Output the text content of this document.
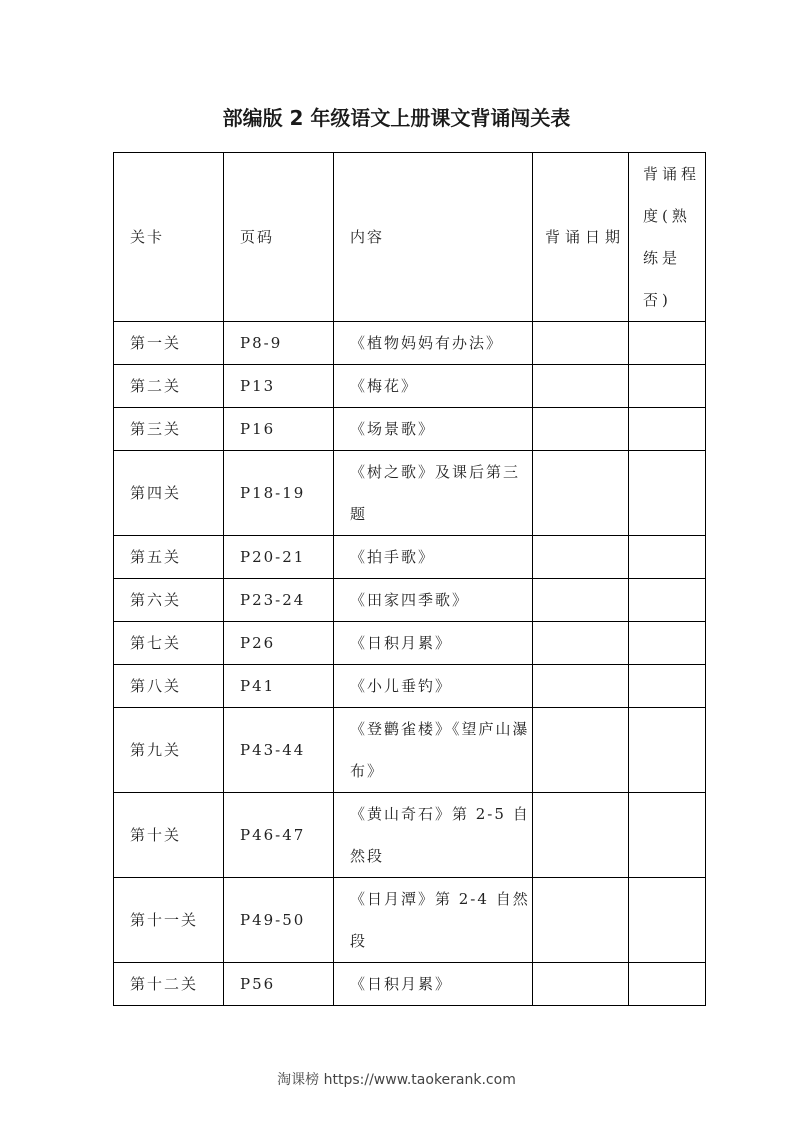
部编版 2 年级语文上册课文背诵闯关表
关卡	页码	内容	背诵日期	背诵程度(熟练是否)
第一关	P8-9	《植物妈妈有办法》		
第二关	P13	《梅花》		
第三关	P16	《场景歌》		
第四关	P18-19	《树之歌》及课后第三题		
第五关	P20-21	《拍手歌》		
第六关	P23-24	《田家四季歌》		
第七关	P26	《日积月累》		
第八关	P41	《小儿垂钓》		
第九关	P43-44	《登鹳雀楼》《望庐山瀑布》		
第十关	P46-47	《黄山奇石》第 2-5 自然段		
第十一关	P49-50	《日月潭》第 2-4 自然段		
第十二关	P56	《日积月累》		
淘课榜 https://www.taokerank.com
